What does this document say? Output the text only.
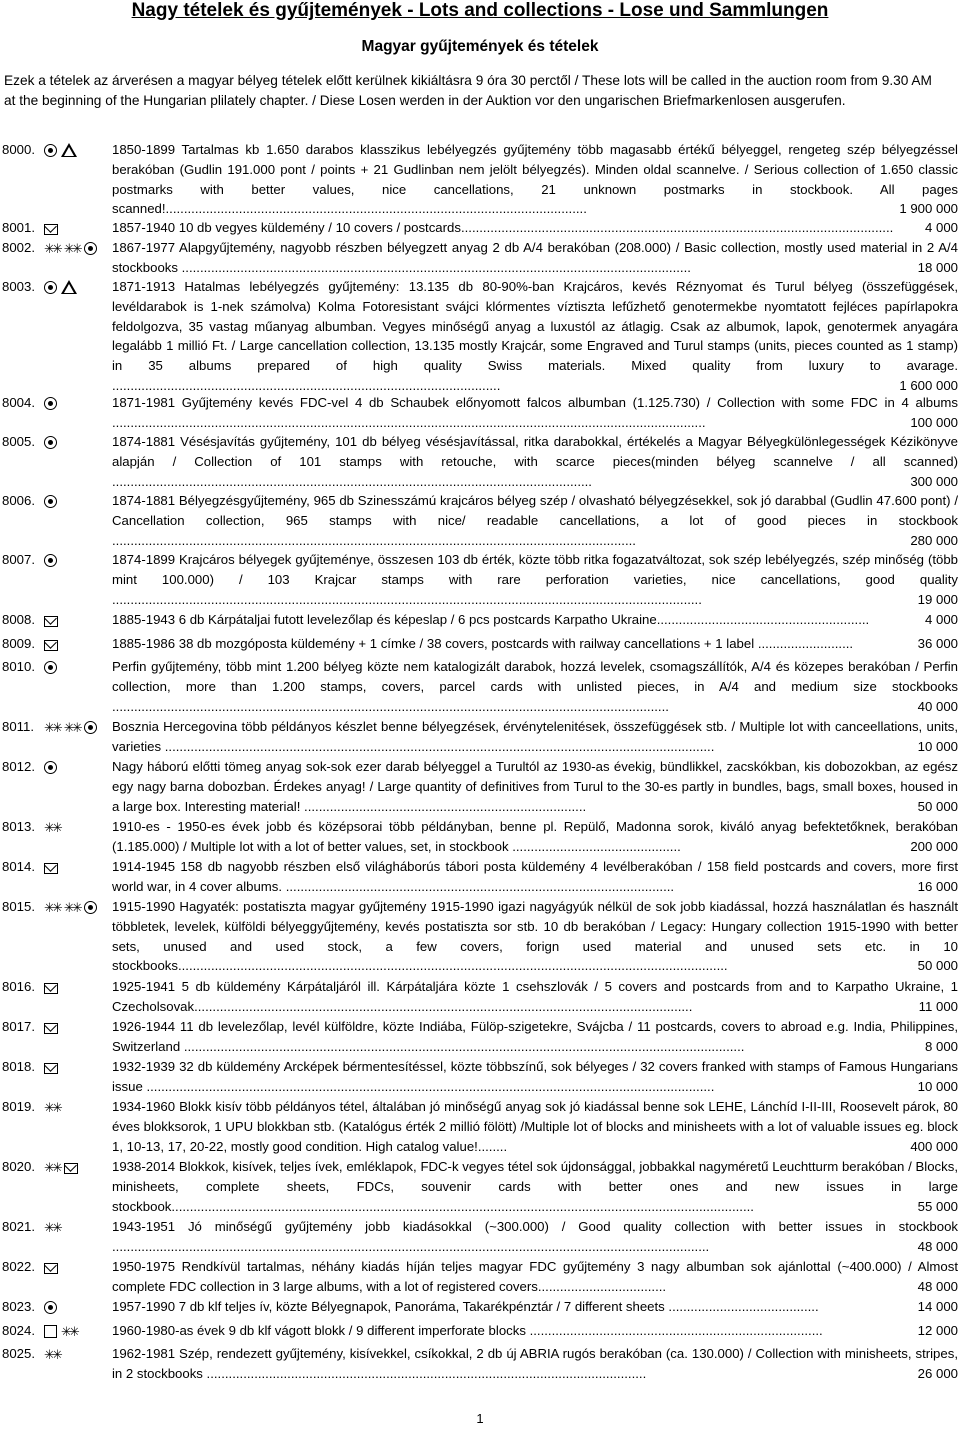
Nagy tételek és gyűjtemények - Lots and collections - Lose und Sammlungen
Magyar gyűjtemények és tételek
Ezek a tételek az árverésen a magyar bélyeg tételek előtt kerülnek kikiáltásra 9 óra 30 perctől / These lots will be called in the auction room from 9.30 AM at the beginning of the Hungarian plilately chapter. / Diese Losen werden in der Auktion vor den ungarischen Briefmarkenlosen ausgerufen.
8000.	1850-1899 Tartalmas kb 1.650 darabos klasszikus lebélyegzés gyűjtemény több magasabb értékű bélyeggel, rengeteg szép bélyegzéssel berakóban (Gudlin 191.000 pont / points + 21 Gudlinban nem jelölt bélyegzés). Minden oldal scannelve. / Serious collection of 1.650 classic postmarks with better values, nice cancellations, 21 unknown postmarks in stockbook. All pages scanned!...................................................................................................................	1 900 000
8001.	1857-1940 10 db vegyes küldemény / 10 covers / postcards...................................................................................................................... 4 000
8002. ✳✳ ✳✳ 1867-1977 Alapgyűjtemény, nagyobb részben bélyegzett anyag 2 db A/4 berakóban (208.000) / Basic collection, mostly used material in 2 A/4 stockbooks ...........................................................................................................................................	18 000
8003.	1871-1913 Hatalmas lebélyegzés gyűjtemény: 13.135 db 80-90%-ban Krajcáros, kevés Réznyomat és Turul bélyeg (összefüggések, levéldarabok is 1-nek számolva) Kolma Fotoresistant svájci klórmentes víztiszta lefűzhető genotermekbe nyomtatott fejléces papírlapokra feldolgozva, 35 vastag műanyag albumban. Vegyes minőségű anyag a luxustól az átlagig. Csak az albumok, lapok, genotermek anyagára legalább 1 millió Ft. / Large cancellation collection, 13.135 mostly Krajcár, some Engraved and Turul stamps (units, pieces counted as 1 stamp) in 35 albums prepared of high quality Swiss materials. Mixed quality from luxury to avarage. ..........................................................................................................	1 600 000
8004.	1871-1981 Gyűjtemény kevés FDC-vel 4 db Schaubek előnyomott falcos albumban (1.125.730) / Collection with some FDC in 4 albums ..................................................................................................................................................................	100 000
8005.	1874-1881 Vésésjavítás gyűjtemény, 101 db bélyeg vésésjavítással, ritka darabokkal, értékelés a Magyar Bélyegkülönlegességek Kézikönyve alapján / Collection of 101 stamps with retouche, with scarce pieces(minden bélyeg scannelve / all scanned) ...................................................................................................................................	300 000
8006.	1874-1881 Bélyegzésgyűjtemény, 965 db Szinesszámú krajcáros bélyeg szép / olvasható bélyegzésekkel, sok jó darabbal (Gudlin 47.600 pont) / Cancellation collection, 965 stamps with nice/ readable cancellations, a lot of good pieces in stockbook ...............................................................................................................................................	280 000
8007.	1874-1899 Krajcáros bélyegek gyűjteménye, összesen 103 db érték, közte több ritka fogazatváltozat, sok szép lebélyegzés, szép minőség (több mint 100.000) / 103 Krajcar stamps with rare perforation varieties, nice cancellations, good quality .................................................................................................................................................................	19 000
8008.	1885-1943 6 db Kárpátaljai futott levelezőlap és képeslap / 6 pcs postcards Karpatho Ukraine..........................................................	4 000
8009.	1885-1986 38 db mozgóposta küldemény + 1 címke / 38 covers, postcards with railway cancellations + 1 label ..........................	36 000
8010.	Perfin gyűjtemény, több mint 1.200 bélyeg közte nem katalogizált darabok, hozzá levelek, csomagszállítók, A/4 és közepes berakóban / Perfin collection, more than 1.200 stamps, covers, parcel cards with unlisted pieces, in A/4 and medium size stockbooks ........................................................................................................................................................	40 000
8011. ✳✳ ✳✳ Bosznia Hercegovina több példányos készlet benne bélyegzések, érvénytelenitések, összefüggések stb. / Multiple lot with canceellations, units, varieties ......................................................................................................................................................	10 000
8012.	Nagy háború előtti tömeg anyag sok-sok ezer darab bélyeggel a Turultól az 1930-as évekig, bündlikkel, zacskókban, kis dobozokban, az egész egy nagy barna dobozban. Érdekes anyag! / Large quantity of definitives from Turul to the 30-es partly in bundles, bags, small boxes, housed in a large box. Interesting material! .............................................................................	50 000
8013. ✳✳	1910-es - 1950-es évek jobb és középsorai több példányban, benne pl. Repülő, Madonna sorok, kiváló anyag befektetőknek, berakóban (1.185.000) / Multiple lot with a lot of better values, set, in stockbook ..............................................	200 000
8014.	1914-1945 158 db nagyobb részben első világháborús tábori posta küldemény 4 levélberakóban / 158 field postcards and covers, more first world war, in 4 cover albums. ..........................................................................................................	16 000
8015. ✳✳ ✳✳ 1915-1990 Hagyaték: postatiszta magyar gyűjtemény 1915-1990 igazi nagyágyúk nélkül de sok jobb kiadással, hozzá használatlan és használt többletek, levelek, külföldi bélyeggyűjtemény, kevés postatiszta sor stb. 10 db berakóban / Legacy: Hungary collection 1915-1990 with better sets, unused and used stock, a few covers, forign used material and unused sets etc. in 10 stockbooks......................................................................................................................................................	50 000
8016.	1925-1941 5 db küldemény Kárpátaljáról ill. Kárpátaljára közte 1 csehszlovák / 5 covers and postcards from and to Karpatho Ukraine, 1 Czecholsovak........................................................................................................................................	11 000
8017.	1926-1944 11 db levelezőlap, levél külföldre, közte Indiába, Fülöp-szigetekre, Svájcba / 11 postcards, covers to abroad e.g. India, Philippines, Switzerland .........................................................................................................................................................	8 000
8018.	1932-1939 32 db küldemény Arcképek bérmentesítéssel, közte többszínű, sok bélyeges / 32 covers franked with stamps of Famous Hungarians issue ...........................................................................................................................................................	10 000
8019. ✳✳	1934-1960 Blokk kisív több példányos tétel, általában jó minőségű anyag sok jó kiadással benne sok LEHE, Lánchíd I-II-III, Roosevelt párok, 80 éves blokksorok, 1 UPU blokkban stb. (Katalógus érték 2 millió fölött) /Multiple lot of blocks and minisheets with a lot of valuable issues eg. block 1, 10-13, 17, 20-22, mostly good condition. High catalog value!........	400 000
8020. ✳✳	1938-2014 Blokkok, kisívek, teljes ívek, emléklapok, FDC-k vegyes tétel sok újdonsággal, jobbakkal nagyméretű Leuchtturm berakóban / Blocks, minisheets, complete sheets, FDCs, souvenir cards with better ones and new issues in large stockbook...............................................................................................................................................................	55 000
8021. ✳✳	1943-1951 Jó minőségű gyűjtemény jobb kiadásokkal (~300.000) / Good quality collection with better issues in stockbook ...................................................................................................................................................................	48 000
8022.	1950-1975 Rendkívül tartalmas, néhány kiadás híján teljes magyar FDC gyűjtemény 3 nagy albumban sok ajánlottal (~400.000) / Almost complete FDC collection in 3 large albums, with a lot of registered covers...................................	48 000
8023.	1957-1990 7 db klf teljes ív, közte Bélyegnapok, Panoráma, Takarékpénztár / 7 different sheets .........................................	14 000
8024. ✳✳	1960-1980-as évek 9 db klf vágott blokk / 9 different imperforate blocks ................................................................................	12 000
8025. ✳✳	1962-1981 Szép, rendezett gyűjtemény, kisívekkel, csíkokkal, 2 db új ABRIA rugós berakóban (ca. 130.000) / Collection with minisheets, stripes, in 2 stockbooks ........................................................................................................................	26 000
1
